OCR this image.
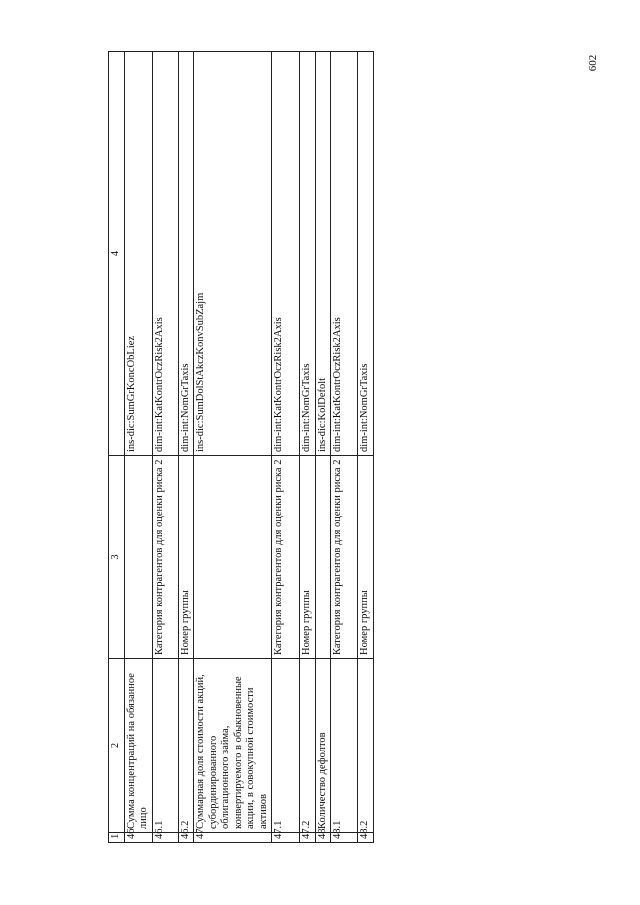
602
1	2	3	4
46	Сумма концентраций на обязанное лицо		ins-dic:SumGrKoncObLiez
46.1		Категория контрагентов для оценки риска 2	dim-int:KatKontrOczRisk2Axis
46.2		Номер группы	dim-int:NomGrTaxis
47	Суммарная доля стоимости акций, субординированного облигационного займа, конвертируемого в обыкновенные акции, в совокупной стоимости активов		ins-dic:SumDolStAkczKonvSubZajm
47.1		Категория контрагентов для оценки риска 2	dim-int:KatKontrOczRisk2Axis
47.2		Номер группы	dim-int:NomGrTaxis
48	Количество дефолтов		ins-dic:KolDefolt
48.1		Категория контрагентов для оценки риска 2	dim-int:KatKontrOczRisk2Axis
48.2		Номер группы	dim-int:NomGrTaxis
